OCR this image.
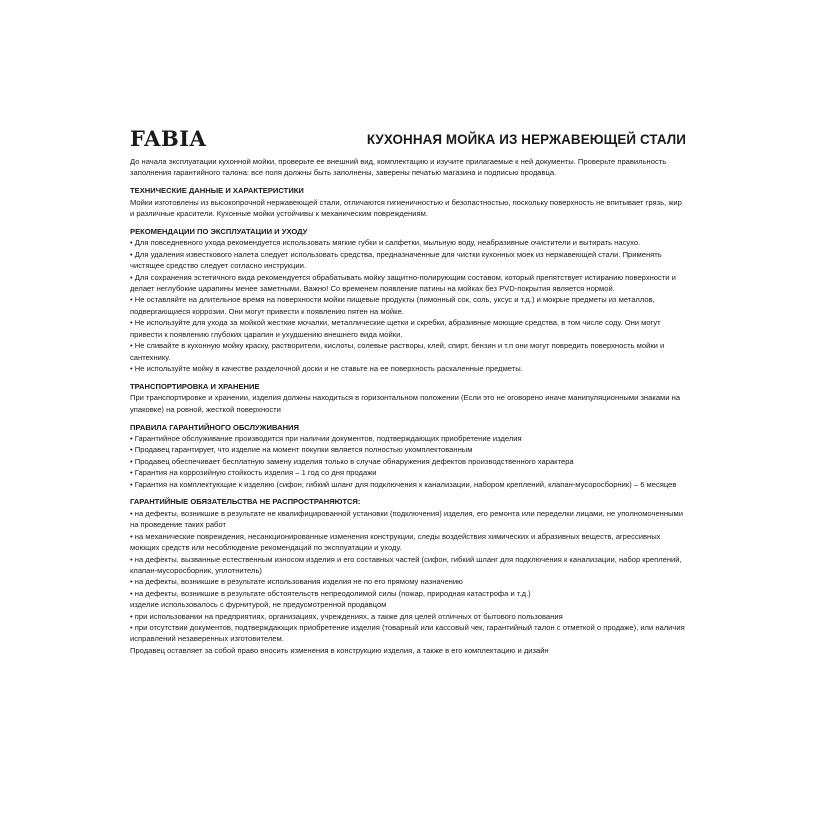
FABIA	КУХОННАЯ МОЙКА ИЗ НЕРЖАВЕЮЩЕЙ СТАЛИ

До начала эксплуатации кухонной мойки, проверьте ее внешний вид, комплектацию и изучите прилагаемые к ней документы. Проверьте правильность заполнения гарантийного талона: все поля должны быть заполнены, заверены печатью магазина и подписью продавца.

ТЕХНИЧЕСКИЕ ДАННЫЕ И ХАРАКТЕРИСТИКИ
Мойки изготовлены из высокопрочной нержавеющей стали, отличаются гигиеничностью и безопастностью, поскольку поверхность не впитывает грязь, жир и различные красители. Кухонные мойки устойчивы к механическим повреждениям.
РЕКОМЕНДАЦИИ ПО ЭКСПЛУАТАЦИИ И УХОДУ
• Для повседневного ухода рекомендуется использовать мягкие губки и салфетки, мыльную воду, неабразивные очистители и вытирать насухо.
• Для удаления известкового налета следует использовать средства, предназначенные для чистки кухонных моек из нержавеющей стали. Применять чистящее средство следует согласно инструкции.
• Для сохранения эстетичного вида рекомендуется обрабатывать мойку защитно-полирующим составом, который препятствует истиранию поверхности и делает неглубокие царапины менее заметными. Важно! Со временем появление патины на мойках без PVD-покрытия является нормой.
• Не оставляйте на длительное время на поверхности мойки пищевые продукты (лимонный сок, соль, уксус и т.д.) и мокрые предметы из металлов, подвергающиеся коррозии. Они могут привести к появлению пятен на мойке.
• Не используйте для ухода за мойкой жесткие мочалки, металлические щетки и скребки, абразивные моющие средства, в том числе соду. Они могут привести к появлению глубоких царапин и ухудшению внешнего вида мойки.
• Не сливайте в кухонную мойку краску, растворители, кислоты, солевые растворы, клей, спирт, бензин и т.п они могут повредить поверхность мойки и сантехнику.
• Не используйте мойку в качестве разделочной доски и не ставьте на ее поверхность раскаленные предметы.
ТРАНСПОРТИРОВКА И ХРАНЕНИЕ
При транспортировке и хранении, изделия должны находиться в горизонтальном положении (Если это не оговорено иначе манипуляционными знаками на упаковке) на ровной, жесткой поверхности
ПРАВИЛА ГАРАНТИЙНОГО ОБСЛУЖИВАНИЯ
• Гарантийное обслуживание производится при наличии документов, подтверждающих приобретение изделия
• Продавец гарантирует, что изделие на момент покупки является полностью укомплектованным
• Продавец обеспечивает бесплатную замену изделия только в случае обнаружения дефектов производственного характера
• Гарантия на коррозийную стойкость изделия – 1 год со дня продажи
• Гарантия на комплектующие к изделию (сифон, гибкий шланг для подключения к канализации, набором креплений, клапан-мусоросборник) – 6 месяцев
ГАРАНТИЙНЫЕ ОБЯЗАТЕЛЬСТВА НЕ РАСПРОСТРАНЯЮТСЯ:
• на дефекты, возникшие в результате не квалифицированной установки (подключения) изделия, его ремонта или переделки лицами, не уполномоченными на проведение таких работ
• на механические повреждения, несанкционированные изменения конструкции, следы воздействия химических и абразивных веществ, агрессивных моющих средств или несоблюдение рекомендаций по эксплуатации и уходу.
• на дефекты, вызванные естественным износом изделия и его составных частей (сифон, гибкий шланг для подключения к канализации, набор креплений, клапан-мусоросборник, уплотнитель)
• на дефекты, возникшие в результате использования изделия не по его прямому назначению
• на дефекты, возникшие в результате обстоятельств непреодолимой силы (пожар, природная катастрофа и т.д.)
изделие использовалось с фурнитурой, не предусмотренной продавцом
• при использовании на предприятиях, организациях, учреждениях, а также для целей отличных от бытового пользования
• при отсутствии документов, подтверждающих приобретение изделия (товарный или кассовый чек, гарантийный талон с отметкой о продаже), или наличия исправлений незаверенных изготовителем.
Продавец оставляет за собой право вносить изменения в конструкцию изделия, а также в его комплектацию и дизайн
